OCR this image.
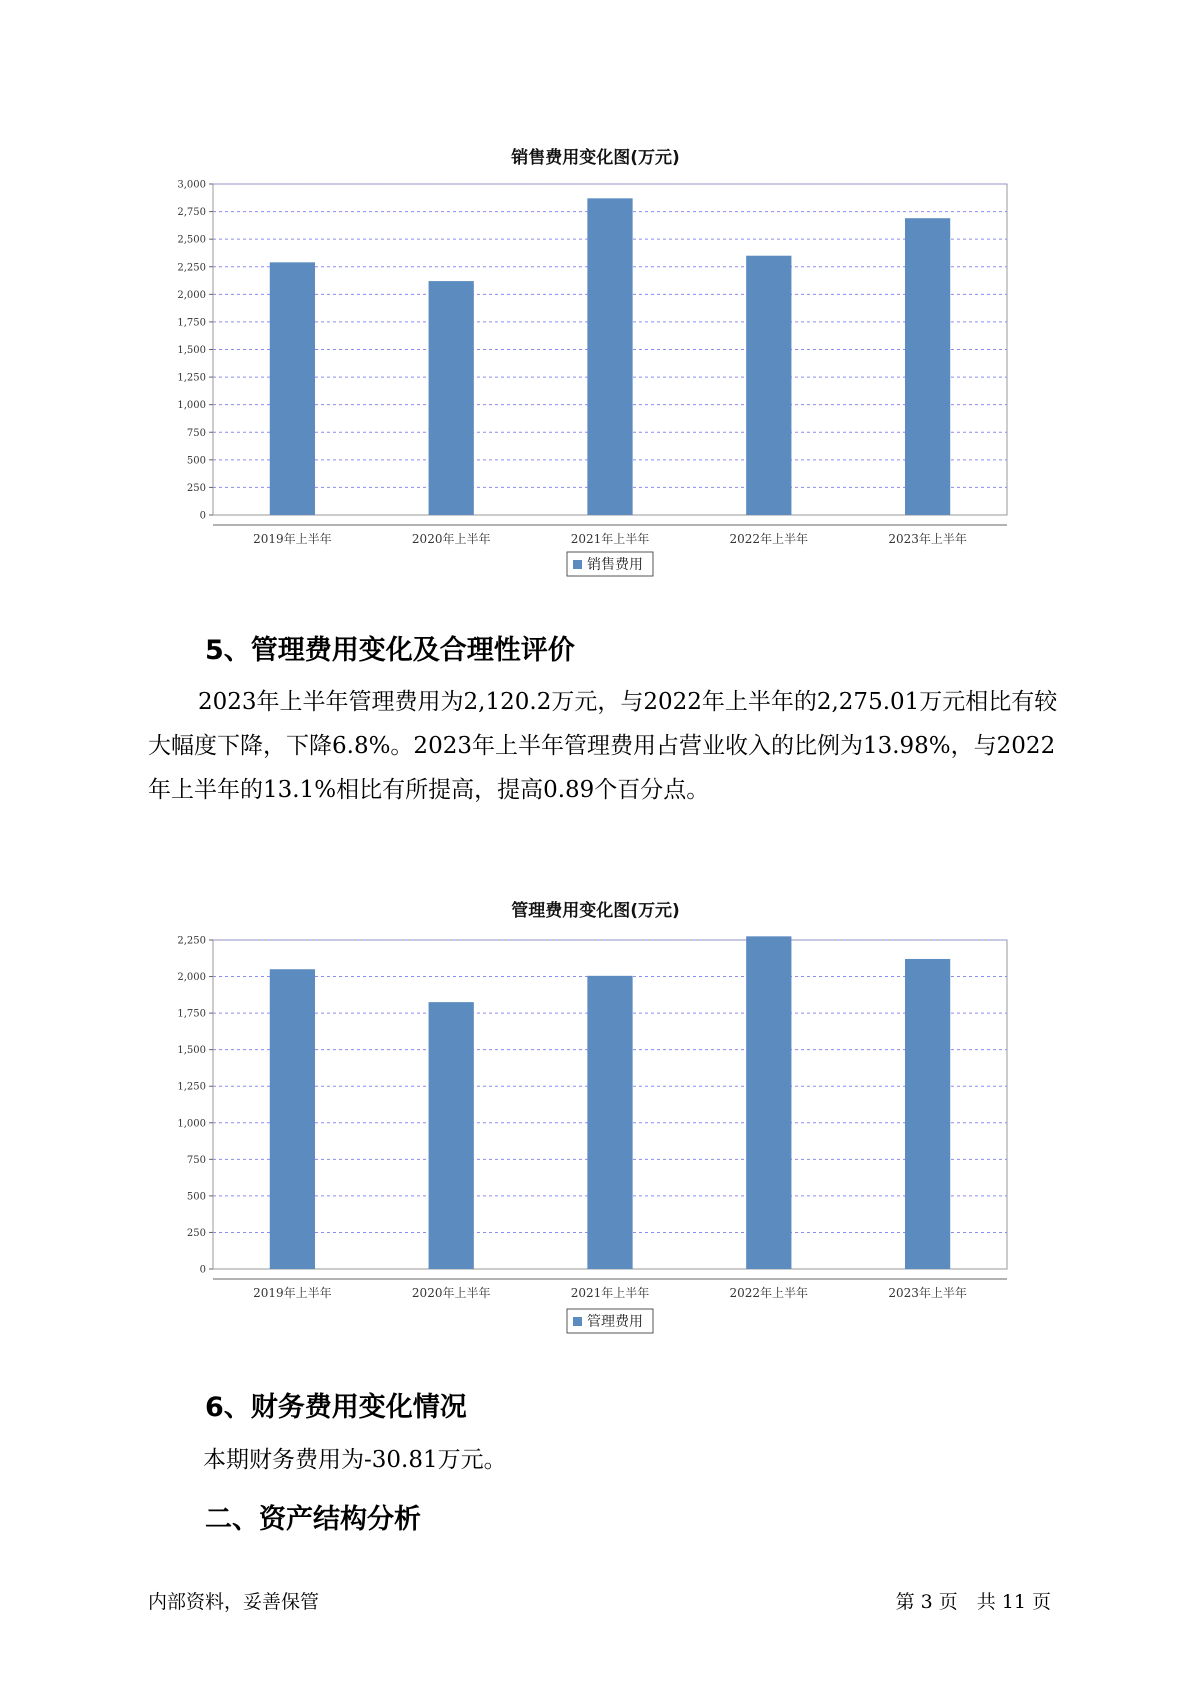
销售费用变化图(万元)
0
250
500
750
1,000
1,250
1,500
1,750
2,000
2,250
2,500
2,750
3,000
2019年上半年	2020年上半年	2021年上半年	2022年上半年	2023年上半年
销售费用
5、管理费用变化及合理性评价
2023年上半年管理费用为2,120.2万元，与2022年上半年的2,275.01万元相比有较大幅度下降，下降6.8%。2023年上半年管理费用占营业收入的比例为13.98%，与2022年上半年的13.1%相比有所提高，提高0.89个百分点。
管理费用变化图(万元)
0
250
500
750
1,000
1,250
1,500
1,750
2,000
2,250
2019年上半年	2020年上半年	2021年上半年	2022年上半年	2023年上半年
管理费用
6、财务费用变化情况
本期财务费用为-30.81万元。
二、资产结构分析
内部资料，妥善保管	第 3 页　共 11 页
